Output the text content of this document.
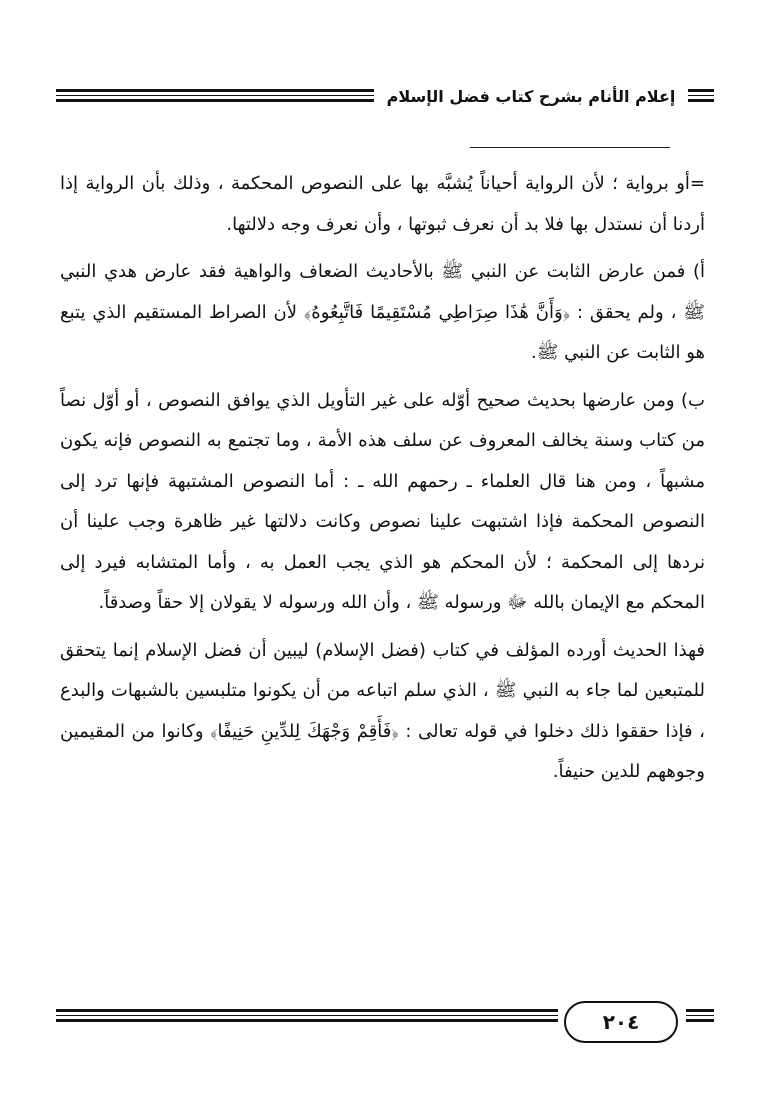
إعلام الأنام بشرح كتاب فضل الإسلام

=أو برواية ؛ لأن الرواية أحياناً يُشبَّه بها على النصوص المحكمة ، وذلك بأن الرواية إذا أردنا أن نستدل بها فلا بد أن نعرف ثبوتها ، وأن نعرف وجه دلالتها.

أ) فمن عارض الثابت عن النبي ﷺ بالأحاديث الضعاف والواهية فقد عارض هدي النبي ﷺ ، ولم يحقق : ﴿وَأَنَّ هَٰذَا صِرَاطِي مُسْتَقِيمًا فَاتَّبِعُوهُ﴾ لأن الصراط المستقيم الذي يتبع هو الثابت عن النبي ﷺ.

ب) ومن عارضها بحديث صحيح أوّله على غير التأويل الذي يوافق النصوص ، أو أوّل نصاً من كتاب وسنة يخالف المعروف عن سلف هذه الأمة ، وما تجتمع به النصوص فإنه يكون مشبهاً ، ومن هنا قال العلماء ـ رحمهم الله ـ : أما النصوص المشتبهة فإنها ترد إلى النصوص المحكمة فإذا اشتبهت علينا نصوص وكانت دلالتها غير ظاهرة وجب علينا أن نردها إلى المحكمة ؛ لأن المحكم هو الذي يجب العمل به ، وأما المتشابه فيرد إلى المحكم مع الإيمان بالله ﷻ ورسوله ﷺ ، وأن الله ورسوله لا يقولان إلا حقاً وصدقاً.

فهذا الحديث أورده المؤلف في كتاب (فضل الإسلام) ليبين أن فضل الإسلام إنما يتحقق للمتبعين لما جاء به النبي ﷺ ، الذي سلم اتباعه من أن يكونوا متلبسين بالشبهات والبدع ، فإذا حققوا ذلك دخلوا في قوله تعالى : ﴿فَأَقِمْ وَجْهَكَ لِلدِّينِ حَنِيفًا﴾ وكانوا من المقيمين وجوههم للدين حنيفاً.

٢٠٤
